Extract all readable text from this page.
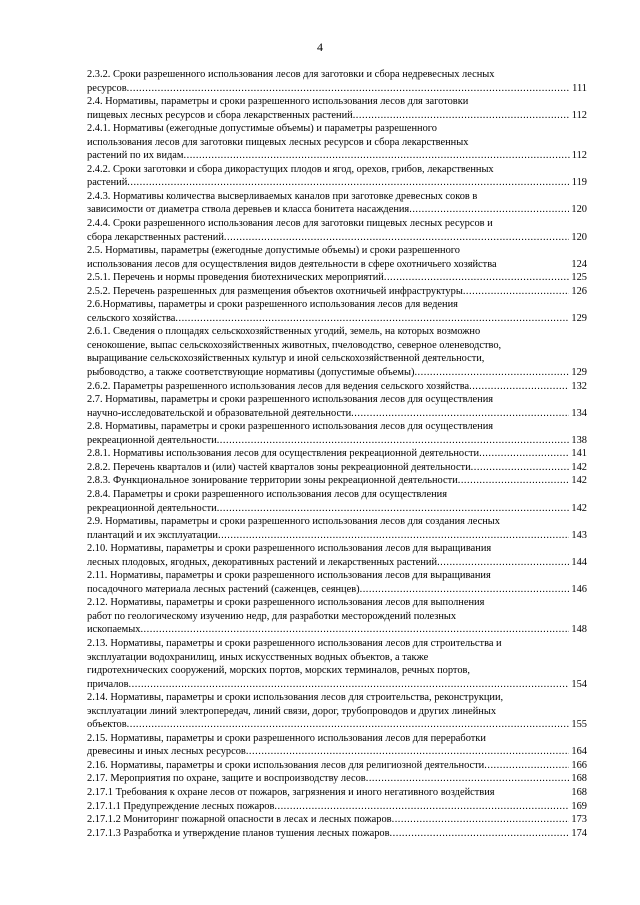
4
2.3.2. Сроки разрешенного использования лесов для заготовки и сбора недревесных лесных
ресурсов .....	111
2.4. Нормативы, параметры и сроки разрешенного использования лесов для заготовки
пищевых лесных ресурсов и сбора лекарственных растений .....	112
2.4.1. Нормативы (ежегодные допустимые объемы) и параметры разрешенного
использования лесов для заготовки пищевых лесных ресурсов и сбора лекарственных
растений по их видам .....	112
2.4.2. Сроки заготовки и сбора дикорастущих плодов и ягод, орехов, грибов, лекарственных
растений .....	119
2.4.3. Нормативы количества высверливаемых каналов при заготовке древесных соков в
зависимости от диаметра ствола деревьев и класса бонитета насаждения .....	120
2.4.4. Сроки разрешенного использования лесов для заготовки пищевых лесных ресурсов и
сбора лекарственных растений .....	120
2.5. Нормативы, параметры (ежегодные допустимые объемы) и сроки разрешенного
использования лесов для осуществления видов деятельности в сфере охотничьего хозяйства	124
2.5.1. Перечень и нормы проведения биотехнических мероприятий .....	125
2.5.2. Перечень разрешенных для размещения объектов охотничьей инфраструктуры .....	126
2.6.Нормативы, параметры и сроки разрешенного использования лесов для ведения
сельского хозяйства .....	129
2.6.1. Сведения о площадях сельскохозяйственных угодий, земель, на которых возможно
сенокошение, выпас сельскохозяйственных животных, пчеловодство, северное оленеводство,
выращивание сельскохозяйственных культур и иной сельскохозяйственной деятельности,
рыбоводство, а также соответствующие нормативы (допустимые объемы) .....	129
2.6.2. Параметры разрешенного использования лесов для ведения сельского хозяйства .....	132
2.7. Нормативы, параметры и сроки разрешенного использования лесов для осуществления
научно-исследовательской и образовательной деятельности .....	134
2.8. Нормативы, параметры и сроки разрешенного использования лесов для осуществления
рекреационной деятельности .....	138
2.8.1. Нормативы использования лесов для осуществления рекреационной деятельности .....	141
2.8.2. Перечень кварталов и (или) частей кварталов зоны рекреационной деятельности .....	142
2.8.3. Функциональное зонирование территории зоны рекреационной деятельности .....	142
2.8.4. Параметры и сроки разрешенного использования лесов для осуществления
рекреационной деятельности .....	142
2.9. Нормативы, параметры и сроки разрешенного использования лесов для создания лесных
плантаций и их эксплуатации .....	143
2.10. Нормативы, параметры и сроки разрешенного использования лесов для выращивания
лесных плодовых, ягодных, декоративных растений и лекарственных растений .....	144
2.11. Нормативы, параметры и сроки разрешенного использования лесов для выращивания
посадочного материала лесных растений (саженцев, сеянцев) .....	146
2.12. Нормативы, параметры и сроки разрешенного использования лесов для выполнения
работ по геологическому изучению недр, для разработки месторождений полезных
ископаемых .....	148
2.13. Нормативы, параметры и сроки разрешенного использования лесов для строительства и
эксплуатации водохранилищ, иных искусственных водных объектов, а также
гидротехнических сооружений, морских портов, морских терминалов, речных портов,
причалов .....	154
2.14. Нормативы, параметры и сроки использования лесов для строительства, реконструкции,
эксплуатации линий электропередач, линий связи, дорог, трубопроводов и других линейных
объектов .....	155
2.15. Нормативы, параметры и сроки разрешенного использования лесов для переработки
древесины и иных лесных ресурсов .....	164
2.16. Нормативы, параметры и сроки использования лесов для религиозной деятельности .....	166
2.17. Мероприятия по охране, защите и воспроизводству лесов .....	168
2.17.1 Требования к охране лесов от пожаров, загрязнения и иного негативного воздействия	168
2.17.1.1 Предупреждение лесных пожаров .....	169
2.17.1.2 Мониторинг пожарной опасности в лесах и лесных пожаров .....	173
2.17.1.3 Разработка и утверждение планов тушения лесных пожаров .....	174
